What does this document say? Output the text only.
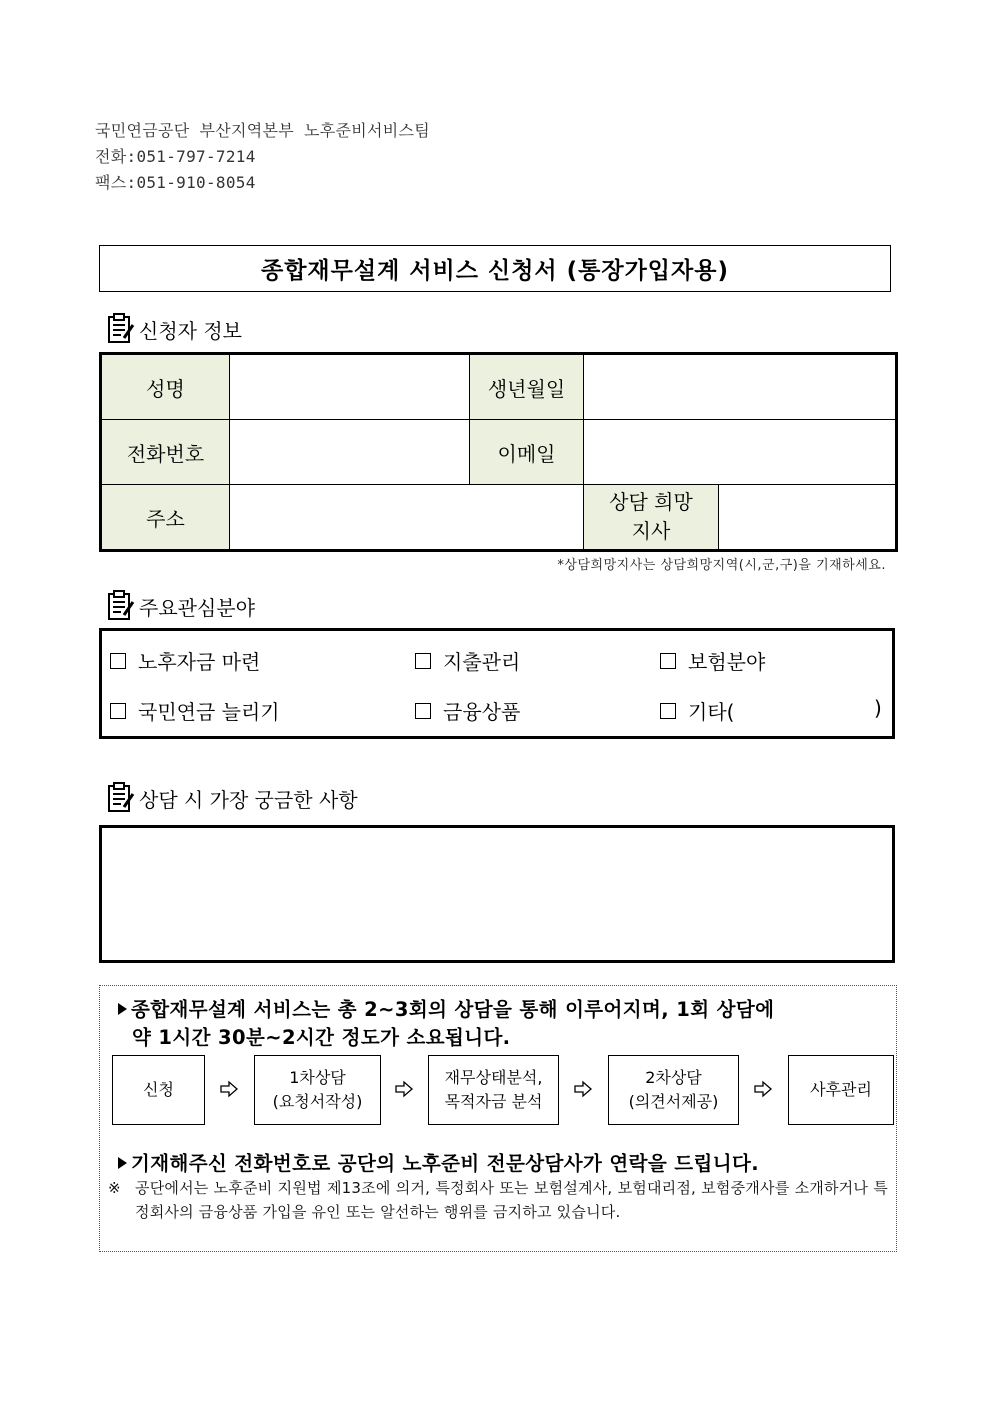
국민연금공단 부산지역본부 노후준비서비스팀
전화:051-797-7214
팩스:051-910-8054
종합재무설계 서비스 신청서 (통장가입자용)
신청자 정보
성명		생년월일		
전화번호		이메일		
주소			상담 희망
지사	

*상담희망지사는 상담희망지역(시,군,구)을 기재하세요.
주요관심분야
노후자금 마련	지출관리	보험분야
국민연금 늘리기	금융상품	기타(	)
상담 시 가장 궁금한 사항
종합재무설계 서비스는 총 2~3회의 상담을 통해 이루어지며, 1회 상담에
약 1시간 30분~2시간 정도가 소요됩니다.
신청
1차상담
(요청서작성)
재무상태분석,
목적자금 분석
2차상담
(의견서제공)
사후관리
기재해주신 전화번호로 공단의 노후준비 전문상담사가 연락을 드립니다.
※ 공단에서는 노후준비 지원법 제13조에 의거, 특정회사 또는 보험설계사, 보험대리점, 보험중개사를 소개하거나 특정회사의 금융상품 가입을 유인 또는 알선하는 행위를 금지하고 있습니다.
